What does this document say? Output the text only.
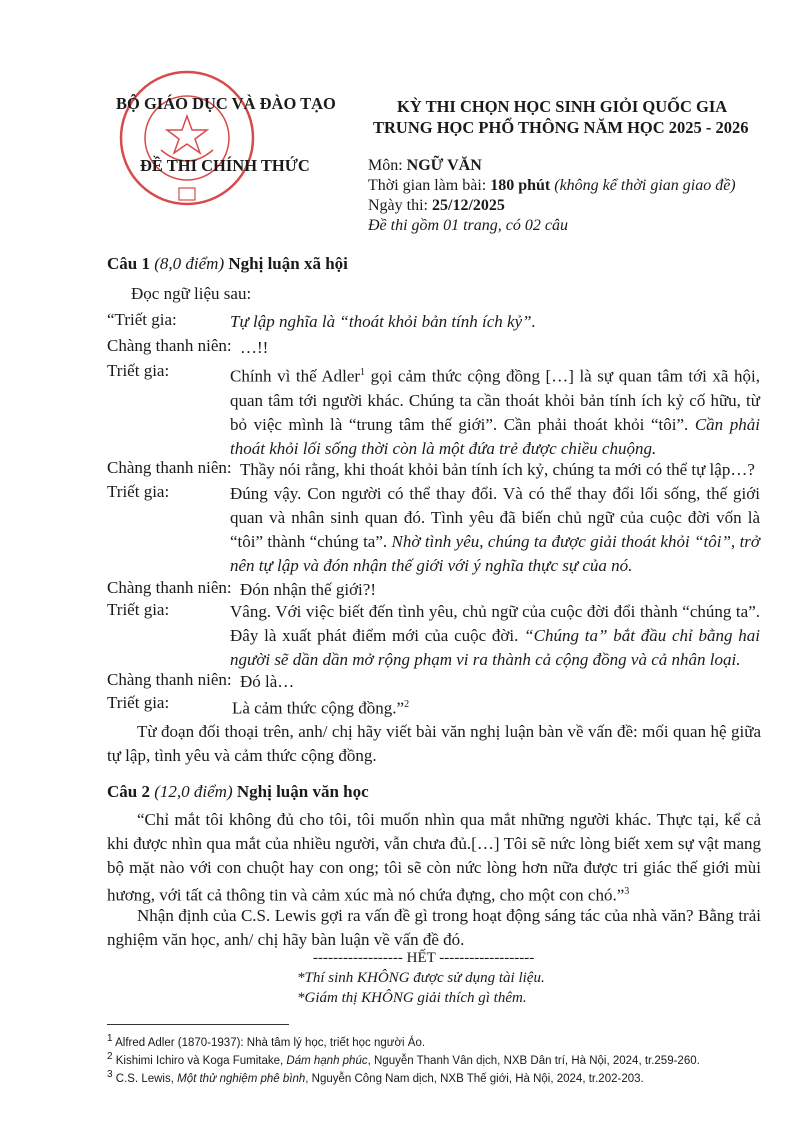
BỘ GIÁO DỤC VÀ ĐÀO TẠO
ĐỀ THI CHÍNH THỨC
KỲ THI CHỌN HỌC SINH GIỎI QUỐC GIA
TRUNG HỌC PHỔ THÔNG NĂM HỌC 2025 - 2026
Môn: NGỮ VĂN
Thời gian làm bài: 180 phút (không kể thời gian giao đề)
Ngày thi: 25/12/2025
Đề thi gồm 01 trang, có 02 câu
Câu 1 (8,0 điểm) Nghị luận xã hội
Đọc ngữ liệu sau:
“Triết gia:	Tự lập nghĩa là “thoát khỏi bản tính ích kỷ”.
Chàng thanh niên: …!!
Triết gia:	Chính vì thế Adler$^1$ gọi cảm thức cộng đồng […] là sự quan tâm tới xã hội, quan tâm tới người khác. Chúng ta cần thoát khỏi bản tính ích kỷ cố hữu, từ bỏ việc mình là “trung tâm thế giới”. Cần phải thoát khỏi “tôi”. Cần phải thoát khỏi lối sống thời còn là một đứa trẻ được chiều chuộng.
Chàng thanh niên: Thầy nói rằng, khi thoát khỏi bản tính ích kỷ, chúng ta mới có thể tự lập…?
Triết gia:	Đúng vậy. Con người có thể thay đổi. Và có thể thay đổi lối sống, thế giới quan và nhân sinh quan đó. Tình yêu đã biến chủ ngữ của cuộc đời vốn là “tôi” thành “chúng ta”. Nhờ tình yêu, chúng ta được giải thoát khỏi “tôi”, trở nên tự lập và đón nhận thế giới với ý nghĩa thực sự của nó.
Chàng thanh niên: Đón nhận thế giới?!
Triết gia:	Vâng. Với việc biết đến tình yêu, chủ ngữ của cuộc đời đổi thành “chúng ta”. Đây là xuất phát điểm mới của cuộc đời. “Chúng ta” bắt đầu chỉ bằng hai người sẽ dần dần mở rộng phạm vi ra thành cả cộng đồng và cả nhân loại.
Chàng thanh niên: Đó là…
Triết gia:	Là cảm thức cộng đồng.”$^2$
Từ đoạn đối thoại trên, anh/ chị hãy viết bài văn nghị luận bàn về vấn đề: mối quan hệ giữa tự lập, tình yêu và cảm thức cộng đồng.
Câu 2 (12,0 điểm) Nghị luận văn học
“Chỉ mắt tôi không đủ cho tôi, tôi muốn nhìn qua mắt những người khác. Thực tại, kể cả khi được nhìn qua mắt của nhiều người, vẫn chưa đủ.[…] Tôi sẽ nức lòng biết xem sự vật mang bộ mặt nào với con chuột hay con ong; tôi sẽ còn nức lòng hơn nữa được tri giác thế giới mùi hương, với tất cả thông tin và cảm xúc mà nó chứa đựng, cho một con chó.”$^3$
Nhận định của C.S. Lewis gợi ra vấn đề gì trong hoạt động sáng tác của nhà văn? Bằng trải nghiệm văn học, anh/ chị hãy bàn luận về vấn đề đó.
------------------ HẾT -------------------
*Thí sinh KHÔNG được sử dụng tài liệu.
*Giám thị KHÔNG giải thích gì thêm.
$^1$ Alfred Adler (1870-1937): Nhà tâm lý học, triết học người Áo.
$^2$ Kishimi Ichiro và Koga Fumitake, Dám hạnh phúc, Nguyễn Thanh Vân dịch, NXB Dân trí, Hà Nội, 2024, tr.259-260.
$^3$ C.S. Lewis, Một thử nghiệm phê bình, Nguyễn Công Nam dịch, NXB Thế giới, Hà Nội, 2024, tr.202-203.
